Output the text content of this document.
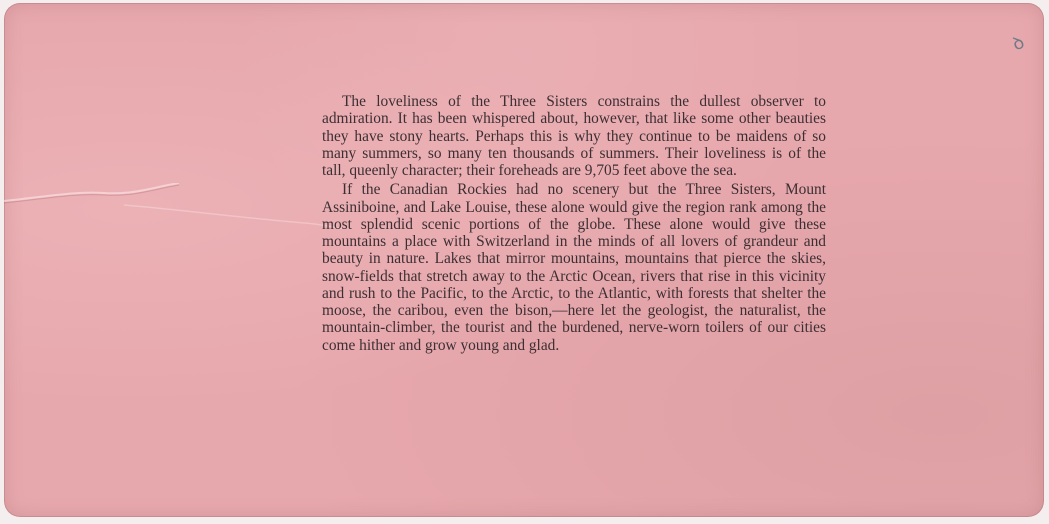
ꝺ

The loveliness of the Three Sisters constrains the dullest observer to admiration. It has been whispered about, however, that like some other beauties they have stony hearts. Perhaps this is why they continue to be maidens of so many summers, so many ten thousands of summers. Their loveliness is of the tall, queenly character; their foreheads are 9,705 feet above the sea.

If the Canadian Rockies had no scenery but the Three Sisters, Mount Assiniboine, and Lake Louise, these alone would give the region rank among the most splendid scenic portions of the globe. These alone would give these mountains a place with Switzerland in the minds of all lovers of grandeur and beauty in nature. Lakes that mirror mountains, mountains that pierce the skies, snow-fields that stretch away to the Arctic Ocean, rivers that rise in this vicinity and rush to the Pacific, to the Arctic, to the Atlantic, with forests that shelter the moose, the caribou, even the bison,—here let the geologist, the naturalist, the mountain-climber, the tourist and the burdened, nerve-worn toilers of our cities come hither and grow young and glad.
